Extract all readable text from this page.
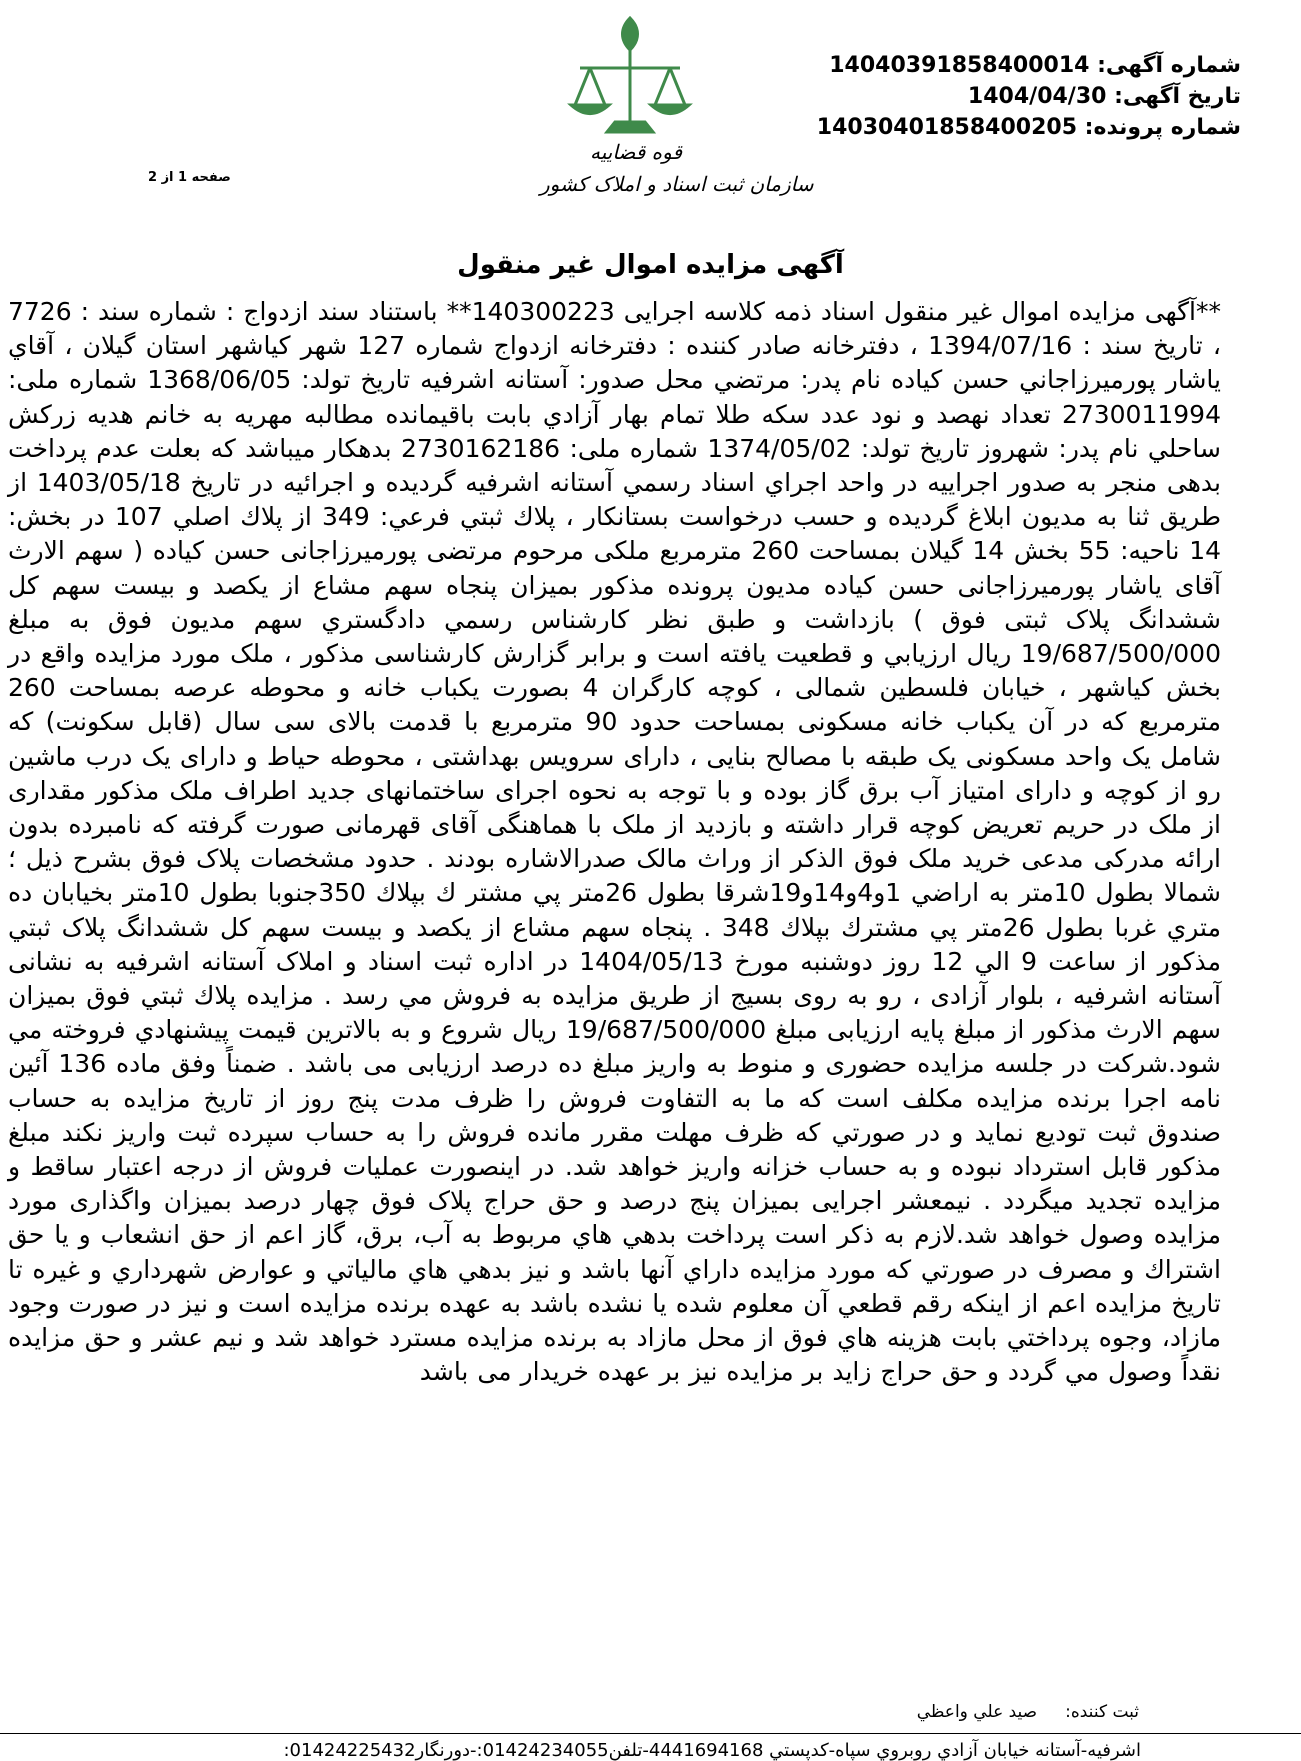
قوه قضاییه
سازمان ثبت اسناد و املاک کشور
شماره آگهی: 14040391858400014
تاریخ آگهی: 1404/04/30
شماره پرونده: 14030401858400205
صفحه 1 از 2
آگهی مزایده اموال غیر منقول
**آگهی مزایده اموال غیر منقول اسناد ذمه کلاسه اجرایی 140300223** باستناد سند ازدواج : شماره سند : 7726 ، تاریخ سند : 1394/07/16 ، دفترخانه صادر کننده : دفترخانه ازدواج شماره 127 شهر کیاشهر استان گیلان ، آقاي ياشار پورميرزاجاني حسن كياده نام پدر: مرتضي محل صدور: آستانه اشرفيه تاريخ تولد: 1368/06/05 شماره ملی: 2730011994 تعداد نهصد و نود عدد سكه طلا تمام بهار آزادي بابت باقيمانده مطالبه مهريه به خانم هديه زركش ساحلي نام پدر: شهروز تاريخ تولد: 1374/05/02 شماره ملی: 2730162186 بدهكار ميباشد كه بعلت عدم پرداخت بدهی منجر به صدور اجراييه در واحد اجراي اسناد رسمي آستانه اشرفيه گرديده و اجرائيه در تاريخ 1403/05/18 از طريق ثنا به مديون ابلاغ گرديده و حسب درخواست بستانكار ، پلاك ثبتي فرعي: 349 از پلاك اصلي 107 در بخش: 14 ناحيه: 55 بخش 14 گيلان بمساحت 260 مترمربع ملكی مرحوم مرتضی پورميرزاجانی حسن كياده ( سهم الارث آقای ياشار پورميرزاجانی حسن كياده مديون پرونده مذكور بميزان پنجاه سهم مشاع از يكصد و بيست سهم كل ششدانگ پلاک ثبتی فوق ) بازداشت و طبق نظر كارشناس رسمي دادگستري سهم مديون فوق به مبلغ 19/687/500/000 ريال ارزيابي و قطعيت يافته است و برابر گزارش كارشناسی مذكور ، ملک مورد مزايده واقع در بخش كياشهر ، خيابان فلسطين شمالی ، كوچه كارگران 4 بصورت يكباب خانه و محوطه عرصه بمساحت 260 مترمربع كه در آن يكباب خانه مسكونی بمساحت حدود 90 مترمربع با قدمت بالای سی سال (قابل سكونت) كه شامل یک واحد مسكونی يک طبقه با مصالح بنايی ، دارای سرويس بهداشتی ، محوطه حياط و دارای یک درب ماشين رو از كوچه و دارای امتياز آب برق گاز بوده و با توجه به نحوه اجرای ساختمانهای جديد اطراف ملک مذكور مقداری از ملک در حريم تعريض كوچه قرار داشته و بازديد از ملک با هماهنگی آقای قهرمانی صورت گرفته كه نامبرده بدون ارائه مدركی مدعی خريد ملک فوق الذكر از وراث مالک صدرالاشاره بودند . حدود مشخصات پلاک فوق بشرح ذيل ؛ شمالا بطول 10متر به اراضي 1و4و14و19شرقا بطول 26متر پي مشتر ك بپلاك 350جنوبا بطول 10متر بخيابان ده متري غربا بطول 26متر پي مشترك بپلاك 348 . پنجاه سهم مشاع از يكصد و بيست سهم كل ششدانگ پلاک ثبتي مذكور از ساعت 9 الي 12 روز دوشنبه مورخ 1404/05/13 در اداره ثبت اسناد و املاک آستانه اشرفيه به نشانی آستانه اشرفيه ، بلوار آزادی ، رو به روی بسيج از طريق مزايده به فروش مي رسد . مزايده پلاك ثبتي فوق بميزان سهم الارث مذکور از مبلغ پايه ارزيابی مبلغ 19/687/500/000 ريال شروع و به بالاترين قيمت پيشنهادي فروخته مي شود.شرکت در جلسه مزايده حضوری و منوط به واريز مبلغ ده درصد ارزيابی می باشد . ضمناً وفق ماده 136 آئين نامه اجرا برنده مزايده مكلف است كه ما به التفاوت فروش را ظرف مدت پنج روز از تاريخ مزايده به حساب صندوق ثبت توديع نمايد و در صورتي كه ظرف مهلت مقرر مانده فروش را به حساب سپرده ثبت واريز نكند مبلغ مذكور قابل استرداد نبوده و به حساب خزانه واريز خواهد شد. در اينصورت عمليات فروش از درجه اعتبار ساقط و مزايده تجديد ميگردد . نيمعشر اجرايی بميزان پنج درصد و حق حراج پلاک فوق چهار درصد بميزان واگذاری مورد مزايده وصول خواهد شد.لازم به ذكر است پرداخت بدهي هاي مربوط به آب، برق، گاز اعم از حق انشعاب و يا حق اشتراك و مصرف در صورتي كه مورد مزايده داراي آنها باشد و نيز بدهي هاي مالياتي و عوارض شهرداري و غيره تا تاريخ مزايده اعم از اينكه رقم قطعي آن معلوم شده يا نشده باشد به عهده برنده مزايده است و نيز در صورت وجود مازاد، وجوه پرداختي بابت هزينه هاي فوق از محل مازاد به برنده مزايده مسترد خواهد شد و نيم عشر و حق مزايده نقداً وصول مي گردد و حق حراج زايد بر مزايده نيز بر عهده خريدار می باشد
ثبت كننده:صيد علي واعظي
اشرفيه-آستانه خيابان آزادي روبروي سپاه-كدپستي 4441694168-تلفن01424234055:-دورنگار01424225432:
